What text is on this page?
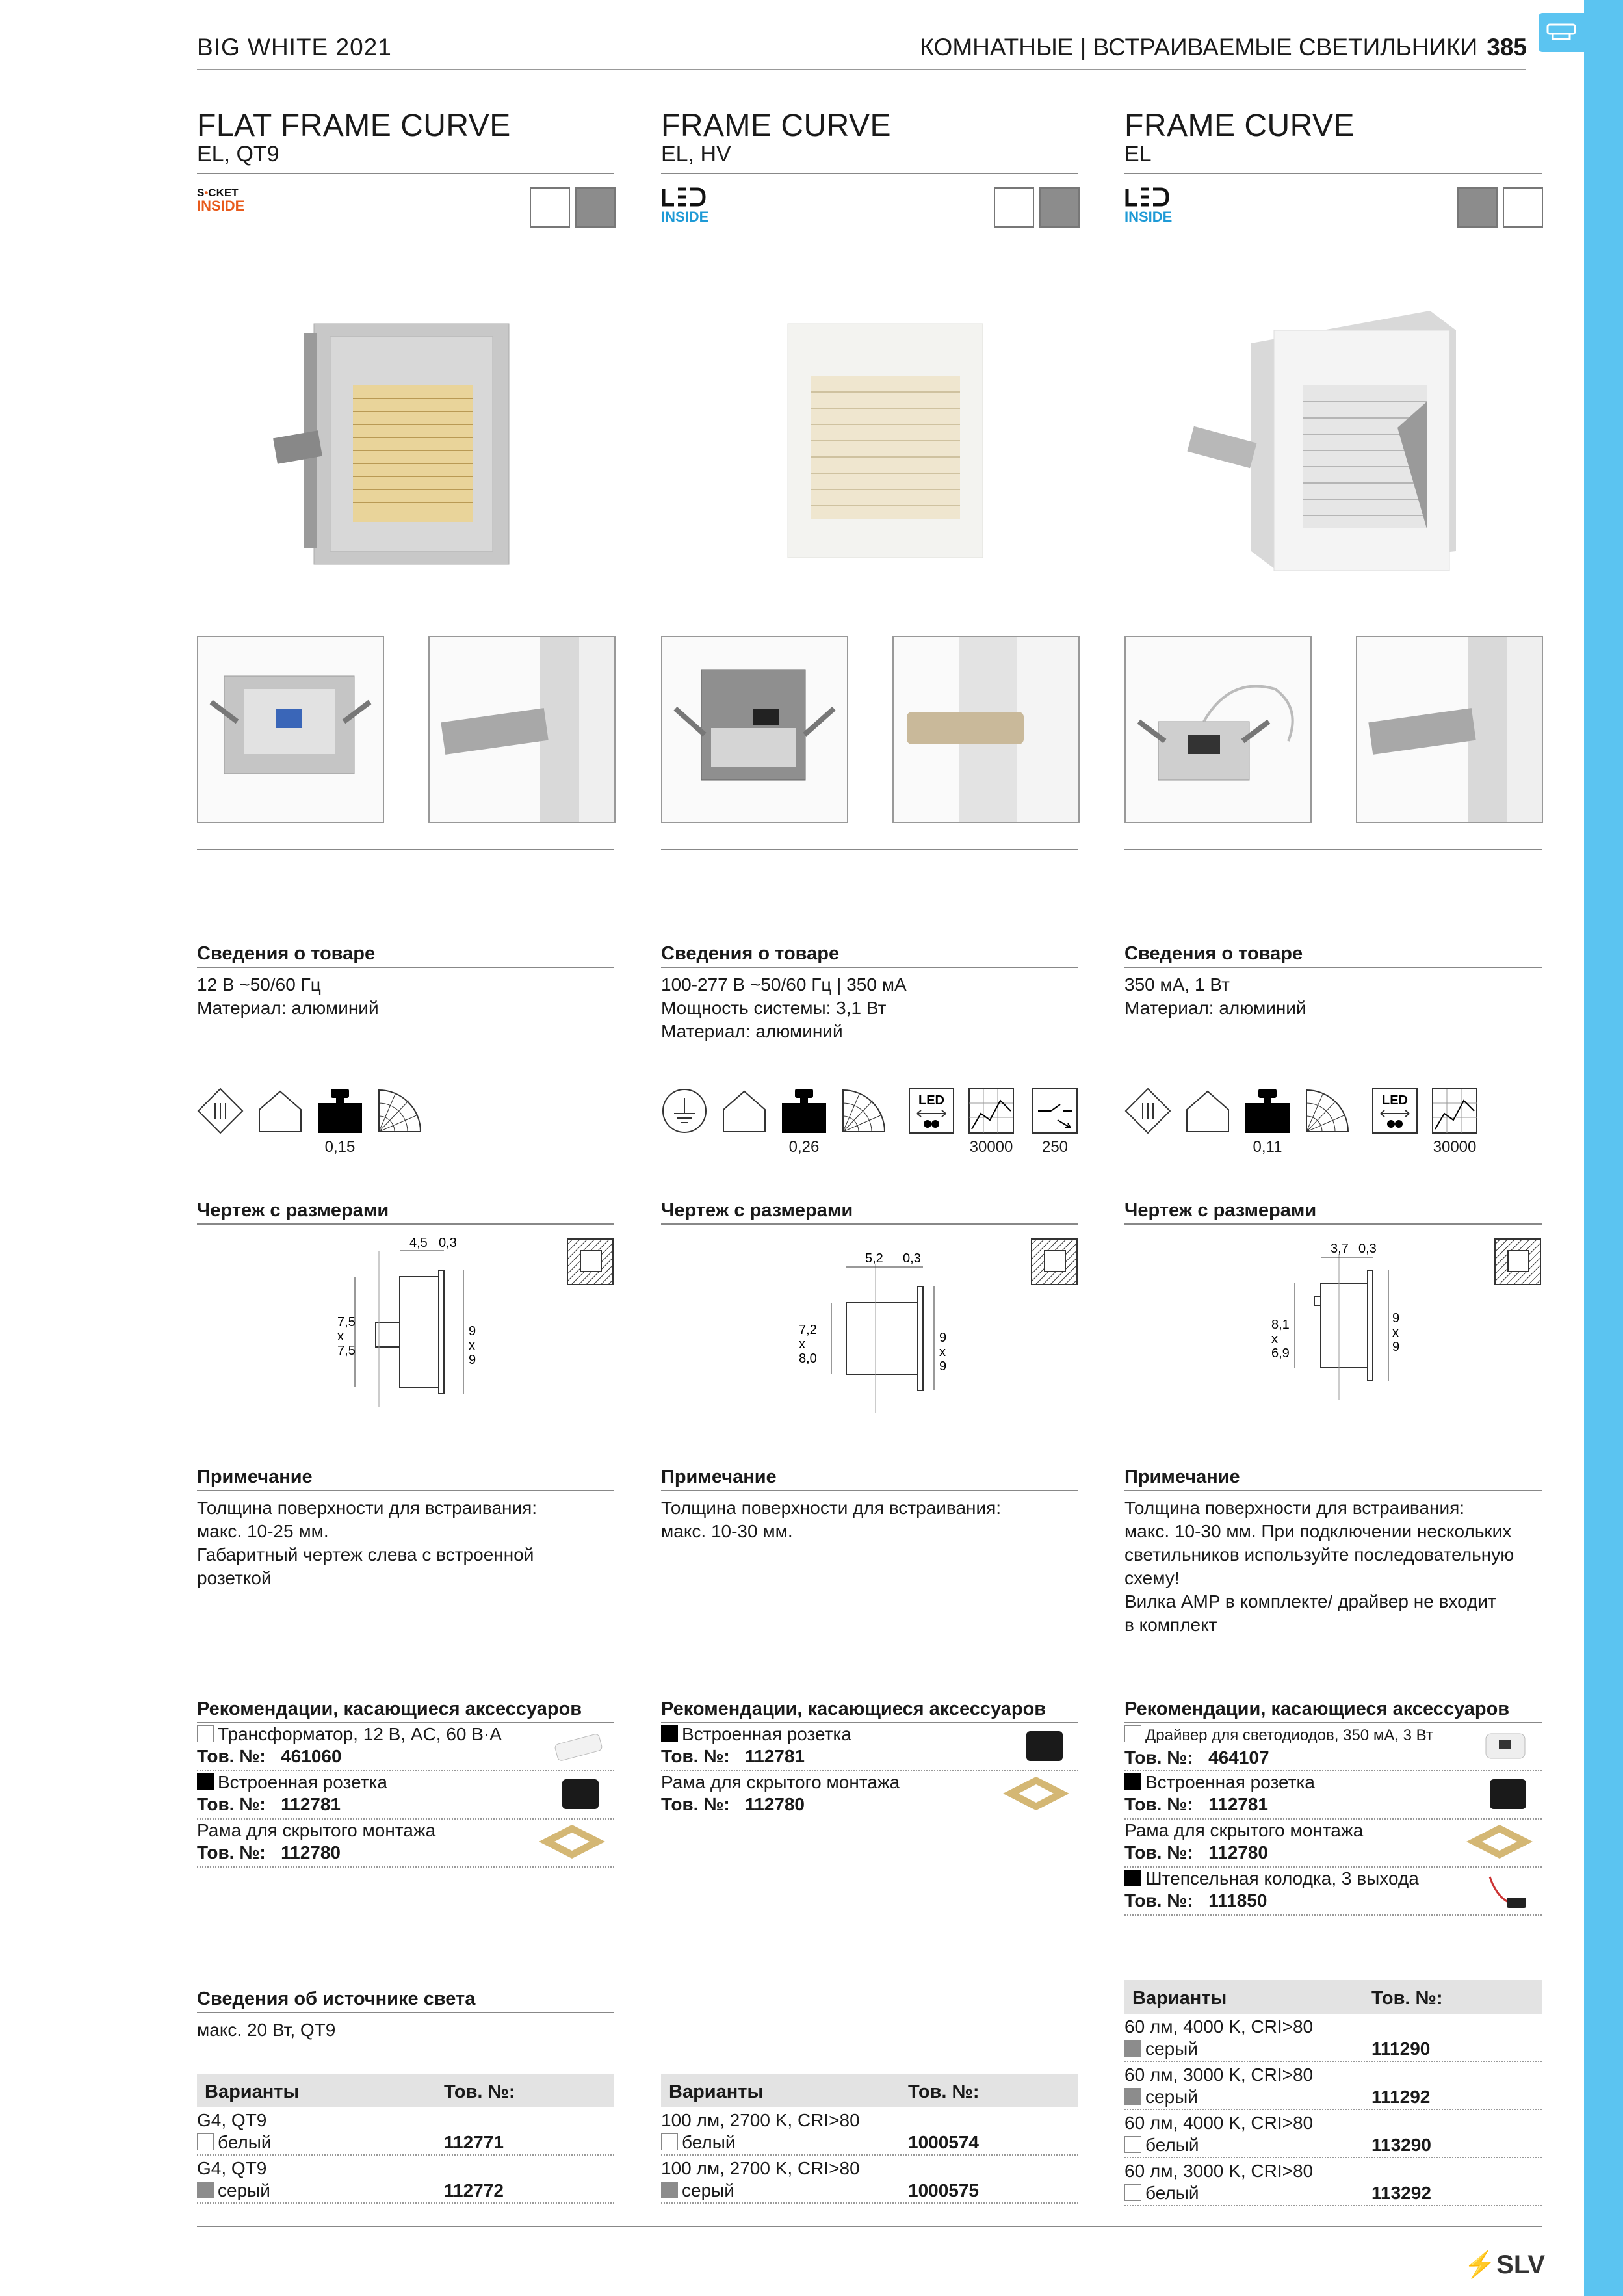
BIG WHITE 2021	КОМНАТНЫЕ | ВСТРАИВАЕМЫЕ СВЕТИЛЬНИКИ 385
FLAT FRAME CURVE
EL, QT9
S•CKET
INSIDE
FRAME CURVE
EL, HV
INSIDE
FRAME CURVE
EL
INSIDE
Сведения о товаре
12 В ~50/60 Гц
Материал: алюминий
Сведения о товаре
100-277 В ~50/60 Гц | 350 мА
Мощность системы: 3,1 Вт
Материал: алюминий
Сведения о товаре
350 мА, 1 Вт
Материал: алюминий
0,15	0,26
LED
30000	250	0,11
LED
30000
Чертеж с размерами
4,5 0,3
7,5 x 7,5
9 x 9
Чертеж с размерами
5,2 0,3
7,2 x 8,0
9 x 9
Чертеж с размерами
3,7 0,3
8,1 x 6,9
9 x 9
Примечание
Толщина поверхности для встраивания:
макс. 10-25 мм.
Габаритный чертеж слева с встроенной
розеткой
Примечание
Толщина поверхности для встраивания:
макс. 10-30 мм.
Примечание
Толщина поверхности для встраивания:
макс. 10-30 мм. При подключении нескольких
светильников используйте последовательную
схему!
Вилка AMP в комплекте/ драйвер не входит
в комплект
Рекомендации, касающиеся аксессуаров
Трансформатор, 12 В, AC, 60 В·A
Тов. №: 461060
Встроенная розетка
Тов. №: 112781
Рама для скрытого монтажа
Тов. №: 112780
Рекомендации, касающиеся аксессуаров
Встроенная розетка
Тов. №: 112781
Рама для скрытого монтажа
Тов. №: 112780
Рекомендации, касающиеся аксессуаров
Драйвер для светодиодов, 350 мА, 3 Вт
Тов. №: 464107
Встроенная розетка
Тов. №: 112781
Рама для скрытого монтажа
Тов. №: 112780
Штепсельная колодка, 3 выхода
Тов. №: 111850
Сведения об источнике света
макс. 20 Вт, QT9
Варианты	Тов. №:
G4, QT9
белый	112771
G4, QT9
серый	112772
Варианты	Тов. №:
100 лм, 2700 K, CRI>80
белый	1000574
100 лм, 2700 K, CRI>80
серый	1000575
Варианты	Тов. №:
60 лм, 4000 K, CRI>80
серый	111290
60 лм, 3000 K, CRI>80
серый	111292
60 лм, 4000 K, CRI>80
белый	113290
60 лм, 3000 K, CRI>80
белый	113292
⚡SLV
